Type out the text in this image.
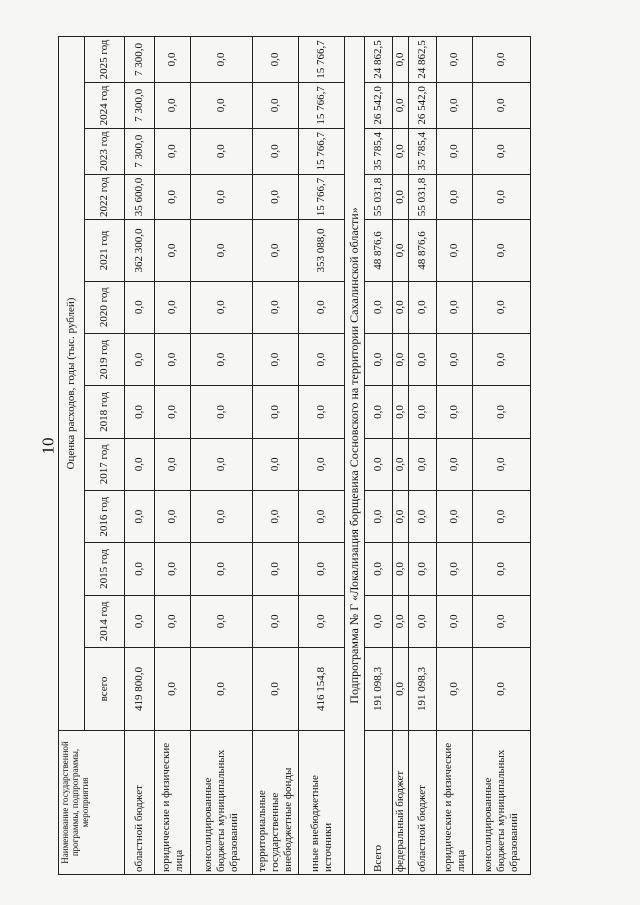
10
Наименование государственной программы, подпрограммы, мероприятия	Оценка расходов, годы (тыс. рублей)												
	всего	2014 год	2015 год	2016 год	2017 год	2018 год	2019 год	2020 год	2021 год	2022 год	2023 год	2024 год	2025 год
областной бюджет	419 800,0	0,0	0,0	0,0	0,0	0,0	0,0	0,0	362 300,0	35 600,0	7 300,0	7 300,0	7 300,0
юридические и физические лица	0,0	0,0	0,0	0,0	0,0	0,0	0,0	0,0	0,0	0,0	0,0	0,0	0,0
консолидированные бюджеты муниципальных образований	0,0	0,0	0,0	0,0	0,0	0,0	0,0	0,0	0,0	0,0	0,0	0,0	0,0
территориальные государственные внебюджетные фонды	0,0	0,0	0,0	0,0	0,0	0,0	0,0	0,0	0,0	0,0	0,0	0,0	0,0
иные внебюджетные источники	416 154,8	0,0	0,0	0,0	0,0	0,0	0,0	0,0	353 088,0	15 766,7	15 766,7	15 766,7	15 766,7
Подпрограмма № Г «Локализация борщевика Сосновского на территории Сахалинской области»													
Всего	191 098,3	0,0	0,0	0,0	0,0	0,0	0,0	0,0	48 876,6	55 031,8	35 785,4	26 542,0	24 862,5
федеральный бюджет	0,0	0,0	0,0	0,0	0,0	0,0	0,0	0,0	0,0	0,0	0,0	0,0	0,0
областной бюджет	191 098,3	0,0	0,0	0,0	0,0	0,0	0,0	0,0	48 876,6	55 031,8	35 785,4	26 542,0	24 862,5
юридические и физические лица	0,0	0,0	0,0	0,0	0,0	0,0	0,0	0,0	0,0	0,0	0,0	0,0	0,0
консолидированные бюджеты муниципальных образований	0,0	0,0	0,0	0,0	0,0	0,0	0,0	0,0	0,0	0,0	0,0	0,0	0,0
